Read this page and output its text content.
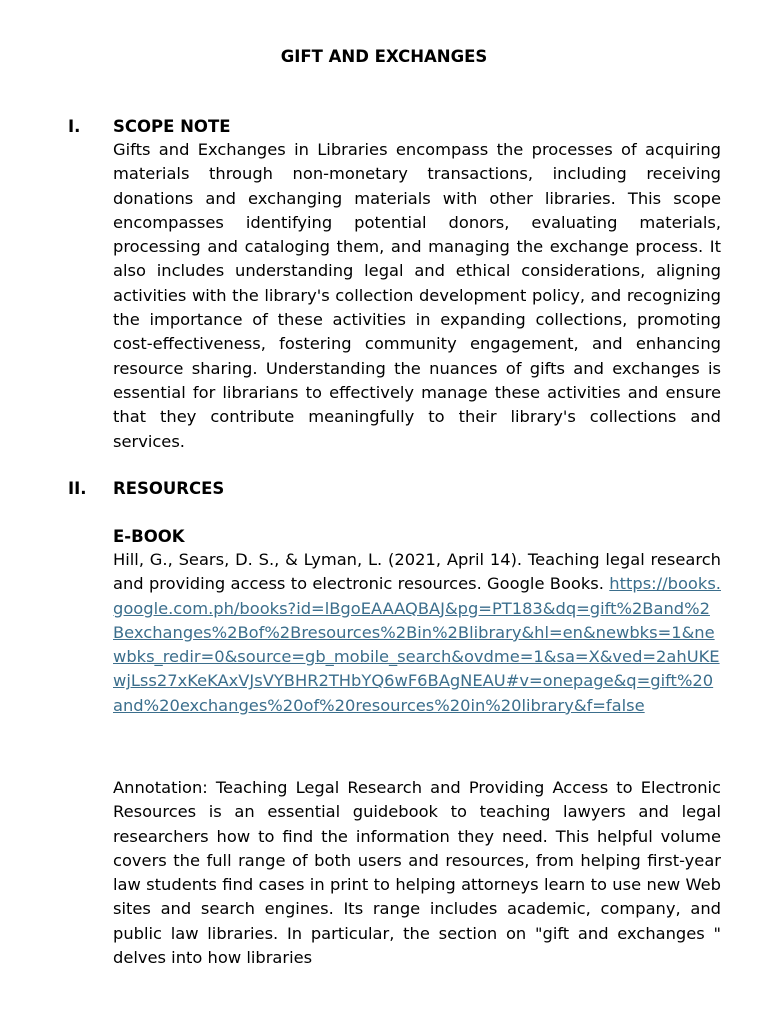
GIFT AND EXCHANGES
I. SCOPE NOTE

Gifts and Exchanges in Libraries encompass the processes of acquiring materials through non-monetary transactions, including receiving donations and exchanging materials with other libraries. This scope encompasses identifying potential donors, evaluating materials, processing and cataloging them, and managing the exchange process. It also includes understanding legal and ethical considerations, aligning activities with the library's collection development policy, and recognizing the importance of these activities in expanding collections, promoting cost-effectiveness, fostering community engagement, and enhancing resource sharing. Understanding the nuances of gifts and exchanges is essential for librarians to effectively manage these activities and ensure that they contribute meaningfully to their library's collections and services.

II. RESOURCES
E-BOOK

Hill, G., Sears, D. S., & Lyman, L. (2021, April 14). Teaching legal research and providing access to electronic resources. Google Books. https://books.google.com.ph/books?id=lBgoEAAAQBAJ&pg=PT183&dq=gift%2Band%2Bexchanges%2Bof%2Bresources%2Bin%2Blibrary&hl=en&newbks=1&newbks_redir=0&source=gb_mobile_search&ovdme=1&sa=X&ved=2ahUKEwjLss27xKeKAxVJsVYBHR2THbYQ6wF6BAgNEAU#v=onepage&q=gift%20and%20exchanges%20of%20resources%20in%20library&f=false

Annotation: Teaching Legal Research and Providing Access to Electronic Resources is an essential guidebook to teaching lawyers and legal researchers how to find the information they need. This helpful volume covers the full range of both users and resources, from helping first-year law students find cases in print to helping attorneys learn to use new Web sites and search engines. Its range includes academic, company, and public law libraries. In particular, the section on "gift and exchanges " delves into how libraries
